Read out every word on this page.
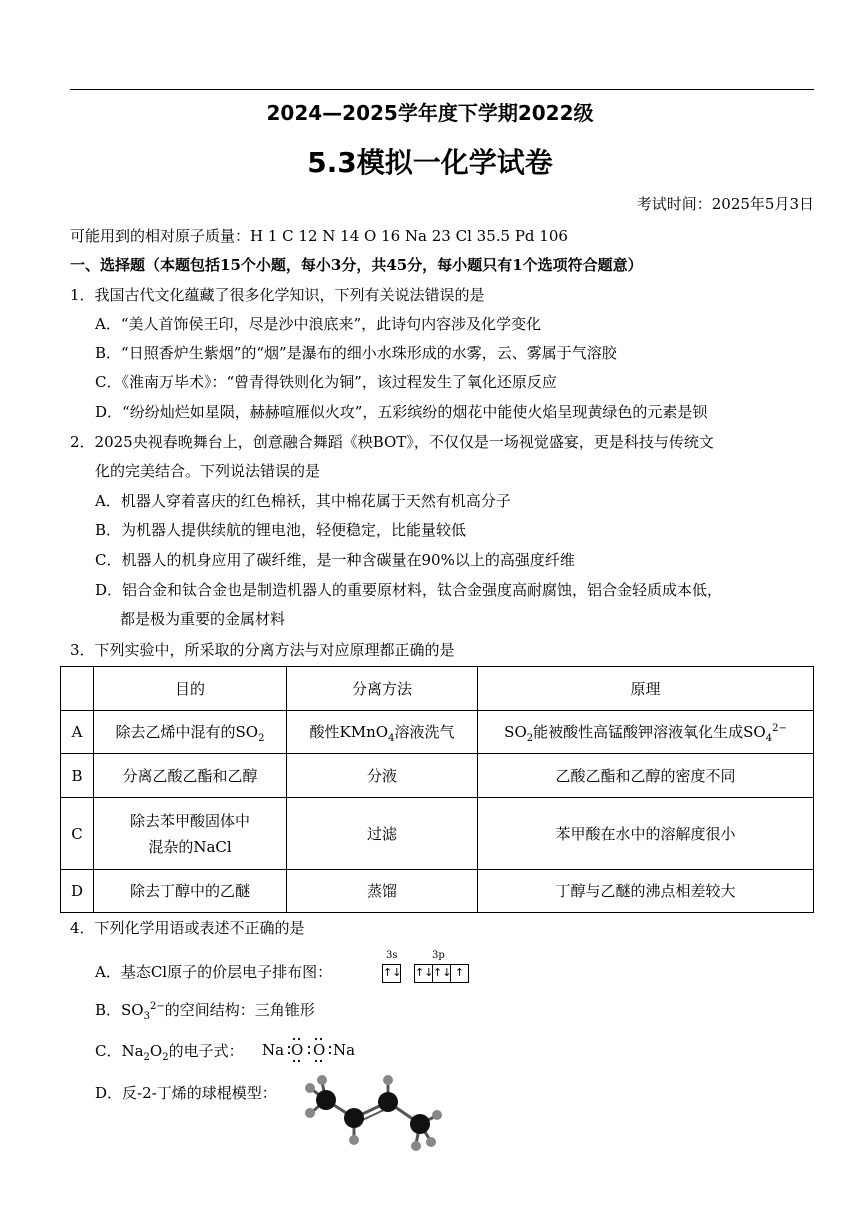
2024—2025学年度下学期2022级
5.3模拟一化学试卷
考试时间：2025年5月3日
可能用到的相对原子质量：H 1 C 12 N 14 O 16 Na 23 Cl 35.5 Pd 106
一、选择题（本题包括15个小题，每小3分，共45分，每小题只有1个选项符合题意）
1．我国古代文化蕴藏了很多化学知识，下列有关说法错误的是
A．“美人首饰侯王印，尽是沙中浪底来”，此诗句内容涉及化学变化
B．“日照香炉生紫烟”的“烟”是瀑布的细小水珠形成的水雾，云、雾属于气溶胶
C．《淮南万毕术》：“曾青得铁则化为铜”，该过程发生了氧化还原反应
D．“纷纷灿烂如星陨，赫赫喧雁似火攻”，五彩缤纷的烟花中能使火焰呈现黄绿色的元素是钡
2．2025央视春晚舞台上，创意融合舞蹈《秧BOT》，不仅仅是一场视觉盛宴，更是科技与传统文
化的完美结合。下列说法错误的是
A．机器人穿着喜庆的红色棉袄，其中棉花属于天然有机高分子
B．为机器人提供续航的锂电池，轻便稳定，比能量较低
C．机器人的机身应用了碳纤维，是一种含碳量在90%以上的高强度纤维
D．铝合金和钛合金也是制造机器人的重要原材料，钛合金强度高耐腐蚀，铝合金轻质成本低，
都是极为重要的金属材料
3．下列实验中，所采取的分离方法与对应原理都正确的是
	目的	分离方法	原理
A	除去乙烯中混有的$SO_2$	酸性KMnO$_4$溶液洗气	$SO_2$能被酸性高锰酸钾溶液氧化生成$SO_4^{2-}$
B	分离乙酸乙酯和乙醇	分液	乙酸乙酯和乙醇的密度不同
C	除去苯甲酸固体中
混杂的NaCl	过滤	苯甲酸在水中的溶解度很小
D	除去丁醇中的乙醚	蒸馏	丁醇与乙醚的沸点相差较大
4．下列化学用语或表述不正确的是
A．基态Cl原子的价层电子排布图：
3s	3p
↑↓ ↑↓ ↑↓ ↑
B．$SO_3^{2-}$的空间结构：三角锥形
C．$Na_2O_2$的电子式： Na O O Na
D．反-2-丁烯的球棍模型：
